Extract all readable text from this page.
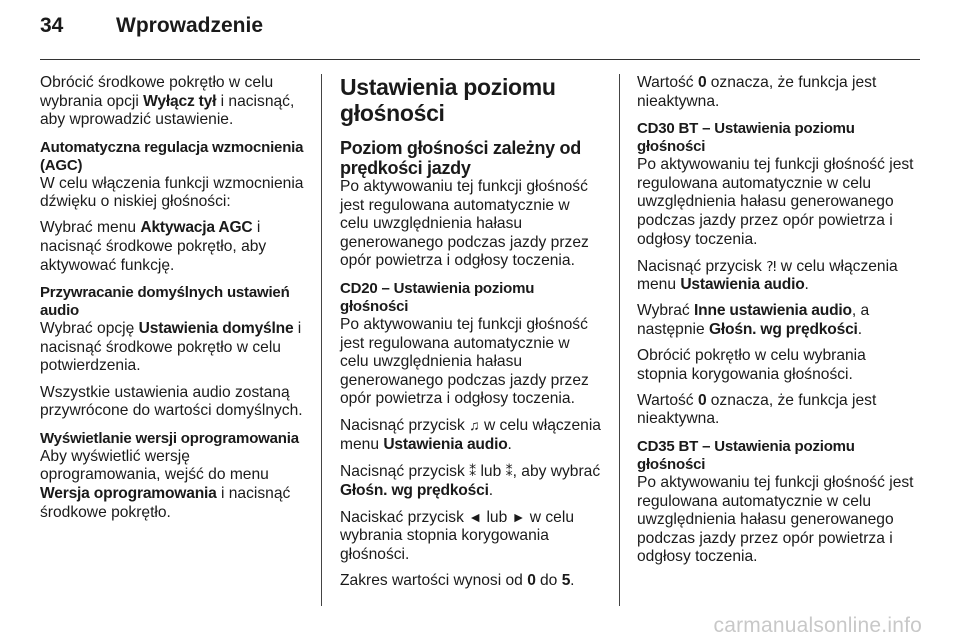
34	Wprowadzenie

Obrócić środkowe pokrętło w celu wybrania opcji Wyłącz tył i nacisnąć, aby wprowadzić ustawienie.

Automatyczna regulacja wzmocnienia (AGC)

W celu włączenia funkcji wzmocnienia dźwięku o niskiej głośności:

Wybrać menu Aktywacja AGC i nacisnąć środkowe pokrętło, aby aktywować funkcję.

Przywracanie domyślnych ustawień audio

Wybrać opcję Ustawienia domyślne i nacisnąć środkowe pokrętło w celu potwierdzenia.

Wszystkie ustawienia audio zostaną przywrócone do wartości domyślnych.

Wyświetlanie wersji oprogramowania

Aby wyświetlić wersję oprogramowania, wejść do menu Wersja oprogramowania i nacisnąć środkowe pokrętło.

Ustawienia poziomu głośności
Poziom głośności zależny od prędkości jazdy

Po aktywowaniu tej funkcji głośność jest regulowana automatycznie w celu uwzględnienia hałasu generowanego podczas jazdy przez opór powietrza i odgłosy toczenia.

CD20 – Ustawienia poziomu głośności

Po aktywowaniu tej funkcji głośność jest regulowana automatycznie w celu uwzględnienia hałasu generowanego podczas jazdy przez opór powietrza i odgłosy toczenia.

Nacisnąć przycisk ♫ w celu włączenia menu Ustawienia audio.

Nacisnąć przycisk ⁑ lub ⁑, aby wybrać Głośn. wg prędkości.

Naciskać przycisk ◄ lub ► w celu wybrania stopnia korygowania głośności.

Zakres wartości wynosi od 0 do 5.

Wartość 0 oznacza, że funkcja jest nieaktywna.

CD30 BT – Ustawienia poziomu głośności

Po aktywowaniu tej funkcji głośność jest regulowana automatycznie w celu uwzględnienia hałasu generowanego podczas jazdy przez opór powietrza i odgłosy toczenia.

Nacisnąć przycisk ⁈ w celu włączenia menu Ustawienia audio.

Wybrać Inne ustawienia audio, a następnie Głośn. wg prędkości.

Obrócić pokrętło w celu wybrania stopnia korygowania głośności.

Wartość 0 oznacza, że funkcja jest nieaktywna.

CD35 BT – Ustawienia poziomu głośności

Po aktywowaniu tej funkcji głośność jest regulowana automatycznie w celu uwzględnienia hałasu generowanego podczas jazdy przez opór powietrza i odgłosy toczenia.

carmanualsonline.info
